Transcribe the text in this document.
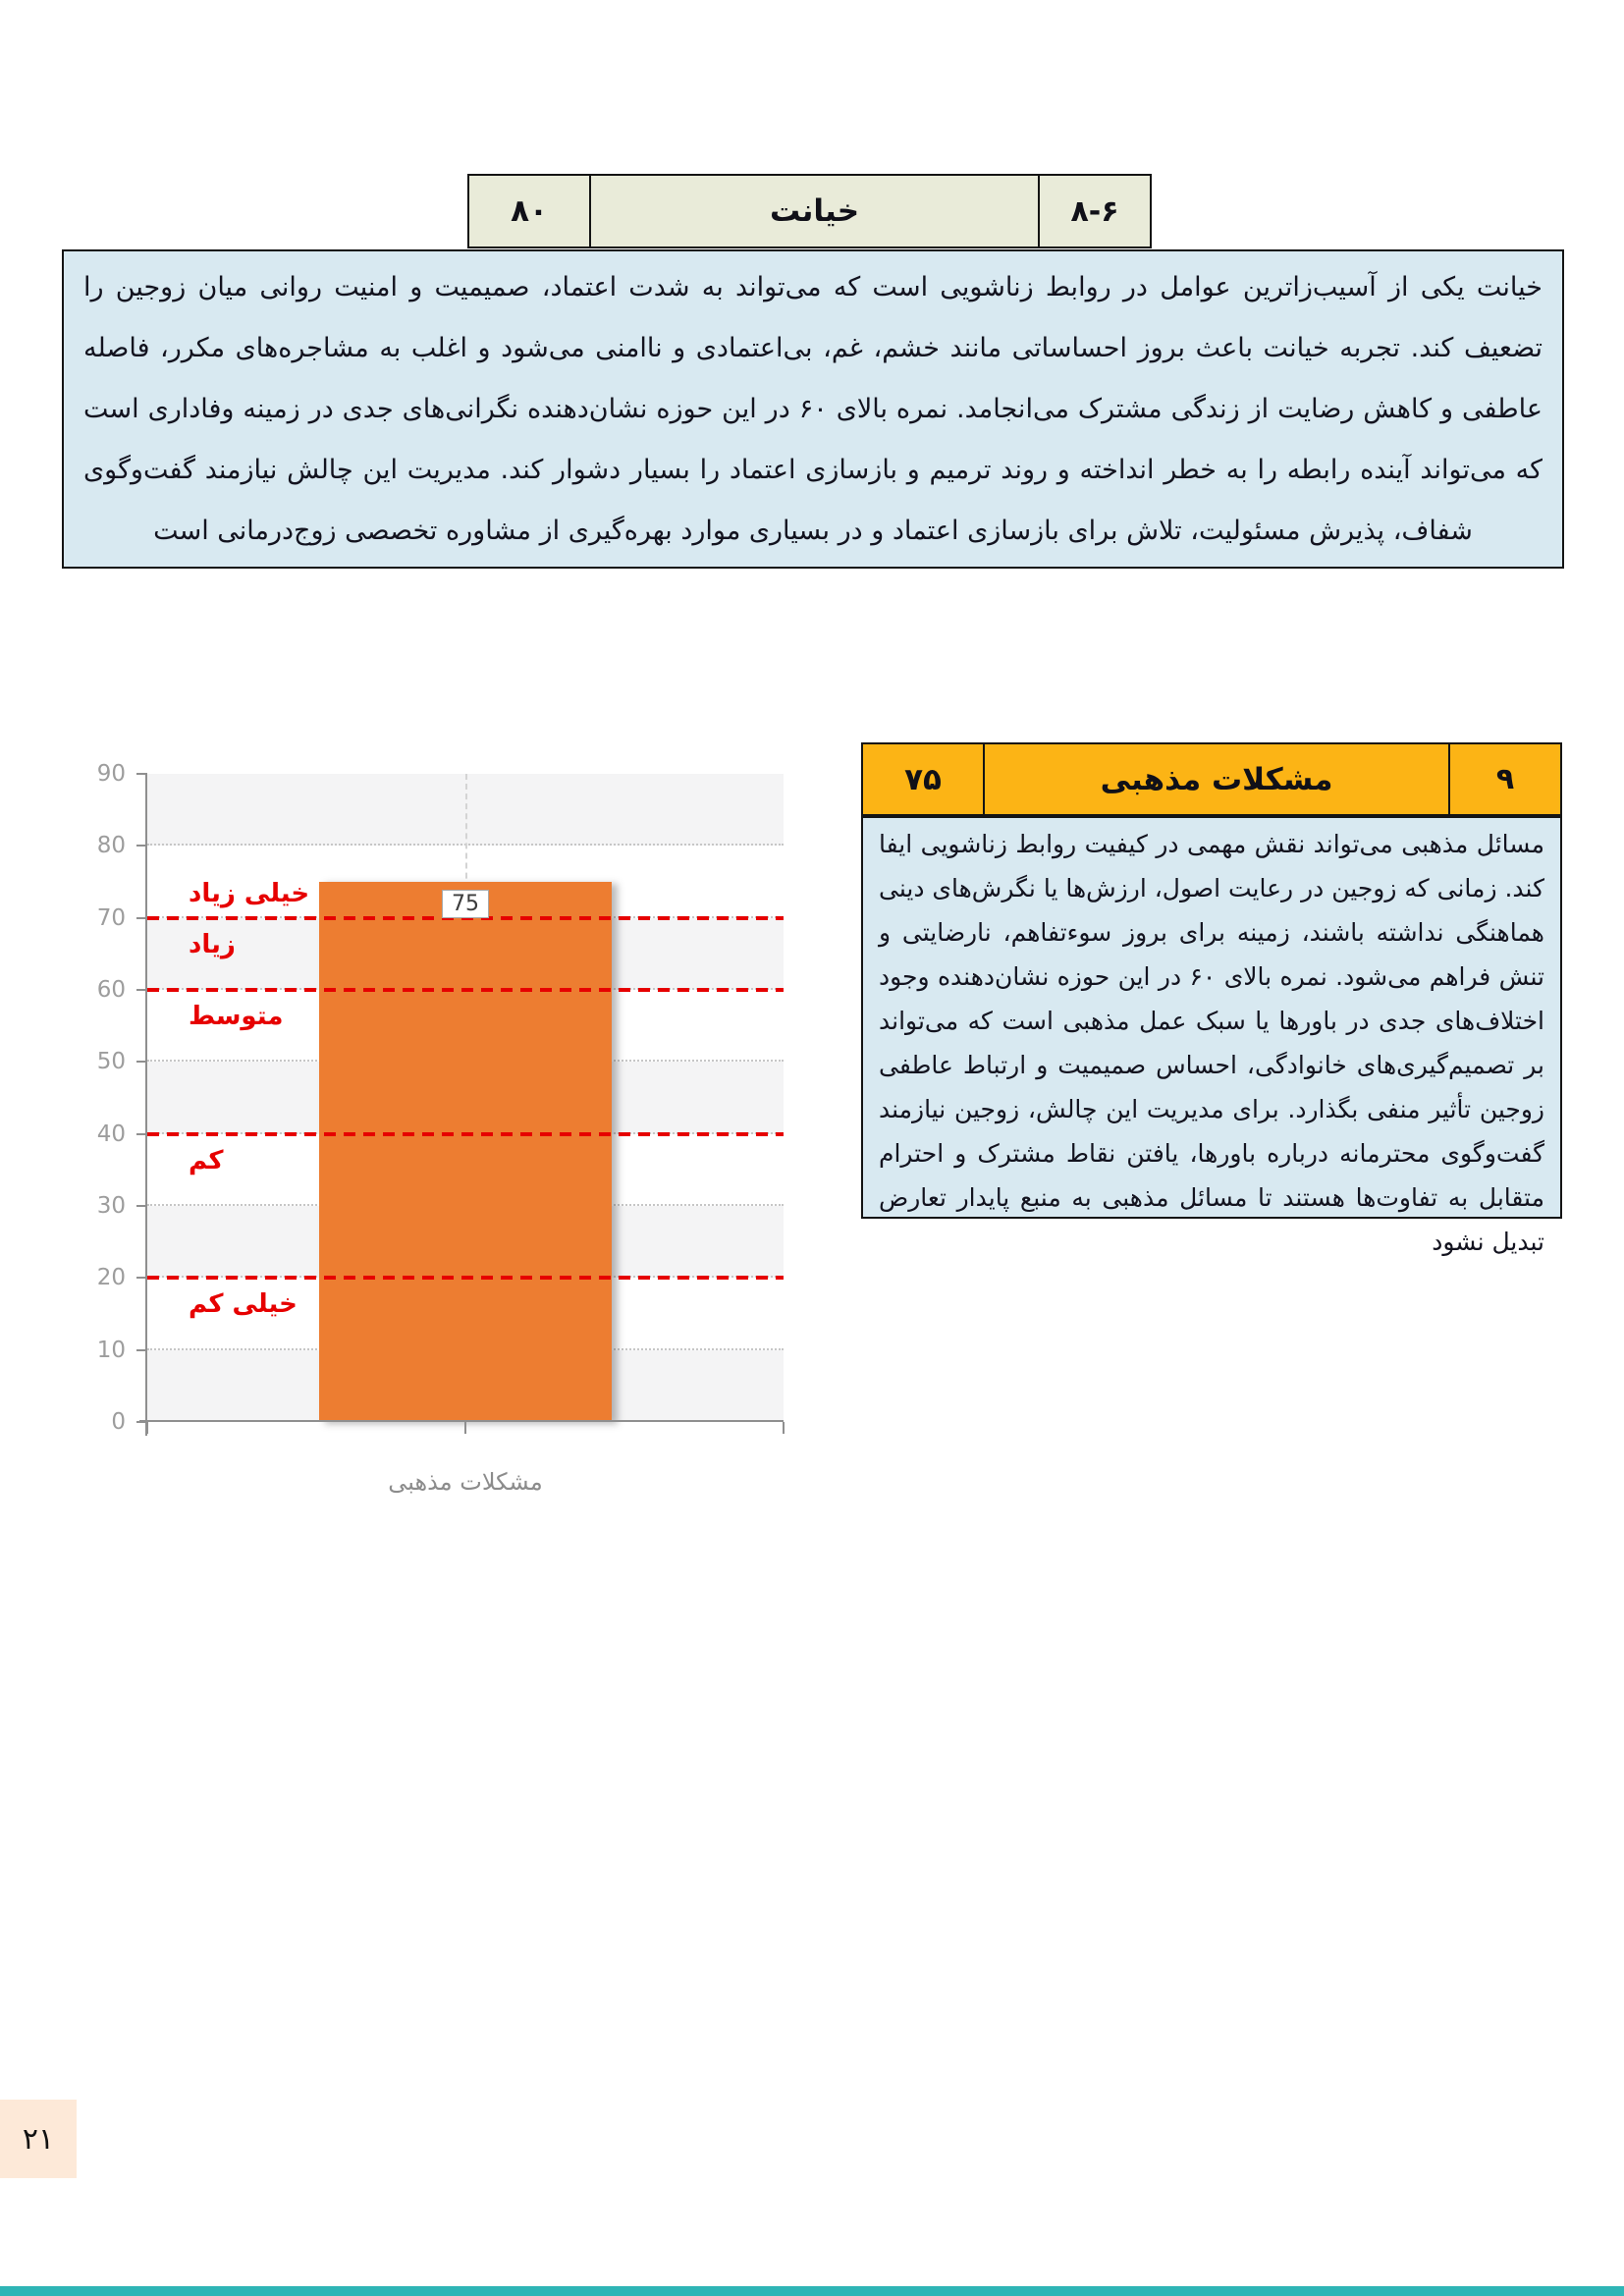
۸-۶
خیانت
۸۰
خیانت یکی از آسیب‌زاترین عوامل در روابط زناشویی است که می‌تواند به شدت اعتماد، صمیمیت و امنیت روانی میان زوجین را تضعیف کند. تجربه خیانت باعث بروز احساساتی مانند خشم، غم، بی‌اعتمادی و ناامنی می‌شود و اغلب به مشاجره‌های مکرر، فاصله عاطفی و کاهش رضایت از زندگی مشترک می‌انجامد. نمره بالای ۶۰ در این حوزه نشان‌دهنده نگرانی‌های جدی در زمینه وفاداری است که می‌تواند آینده رابطه را به خطر انداخته و روند ترمیم و بازسازی اعتماد را بسیار دشوار کند. مدیریت این چالش نیازمند گفت‌وگوی شفاف، پذیرش مسئولیت، تلاش برای بازسازی اعتماد و در بسیاری موارد بهره‌گیری از مشاوره تخصصی زوج‌درمانی است
۹
مشکلات مذهبی
۷۵
مسائل مذهبی می‌تواند نقش مهمی در کیفیت روابط زناشویی ایفا کند. زمانی که زوجین در رعایت اصول، ارزش‌ها یا نگرش‌های دینی هماهنگی نداشته باشند، زمینه برای بروز سوءتفاهم، نارضایتی و تنش فراهم می‌شود. نمره بالای ۶۰ در این حوزه نشان‌دهنده وجود اختلاف‌های جدی در باورها یا سبک عمل مذهبی است که می‌تواند بر تصمیم‌گیری‌های خانوادگی، احساس صمیمیت و ارتباط عاطفی زوجین تأثیر منفی بگذارد. برای مدیریت این چالش، زوجین نیازمند گفت‌وگوی محترمانه درباره باورها، یافتن نقاط مشترک و احترام متقابل به تفاوت‌ها هستند تا مسائل مذهبی به منبع پایدار تعارض تبدیل نشود
75
خیلی زیاد
زیاد
متوسط
کم
خیلی کم
0
10
20
30
40
50
60
70
80
90
مشکلات مذهبی
۲۱
